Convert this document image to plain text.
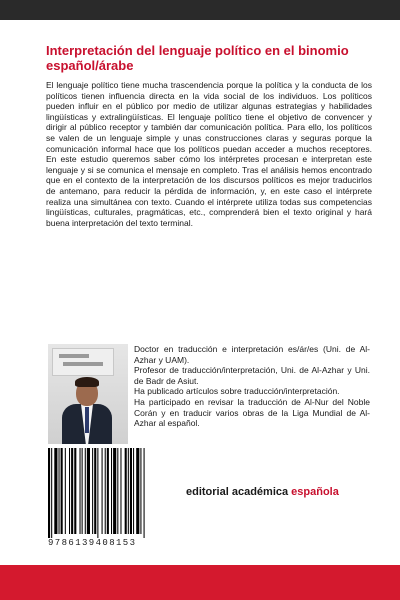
Interpretación del lenguaje político en el binomio español/árabe

El lenguaje político tiene mucha trascendencia porque la política y la conducta de los políticos tienen influencia directa en la vida social de los individuos. Los políticos pueden influir en el público por medio de utilizar algunas estrategias y habilidades lingüísticas y extralingüísticas. El lenguaje político tiene el objetivo de convencer y dirigir al público receptor y también dar comunicación política. Para ello, los políticos se valen de un lenguaje simple y unas construcciones claras y seguras porque la comunicación informal hace que los políticos puedan acceder a muchos receptores. En este estudio queremos saber cómo los intérpretes procesan e interpretan este lenguaje y si se comunica el mensaje en completo. Tras el análisis hemos encontrado que en el contexto de la interpretación de los discursos políticos es mejor traducirlos de antemano, para reducir la pérdida de información, y, en este caso el intérprete realiza una simultánea con texto. Cuando el intérprete utiliza todas sus competencias lingüísticas, culturales, pragmáticas, etc., comprenderá bien el texto original y hará buena interpretación del texto terminal.

Doctor en traducción e interpretación es/ár/es (Uni. de Al-Azhar y UAM).

Profesor de traducción/interpretación, Uni. de Al-Azhar y Uni. de Badr de Asiut.

Ha publicado artículos sobre traducción/interpretación.

Ha participado en revisar la traducción de Al-Nur del Noble Corán y en traducir varios obras de la Liga Mundial de Al-Azhar al español.

9786139408153

editorial académica española
